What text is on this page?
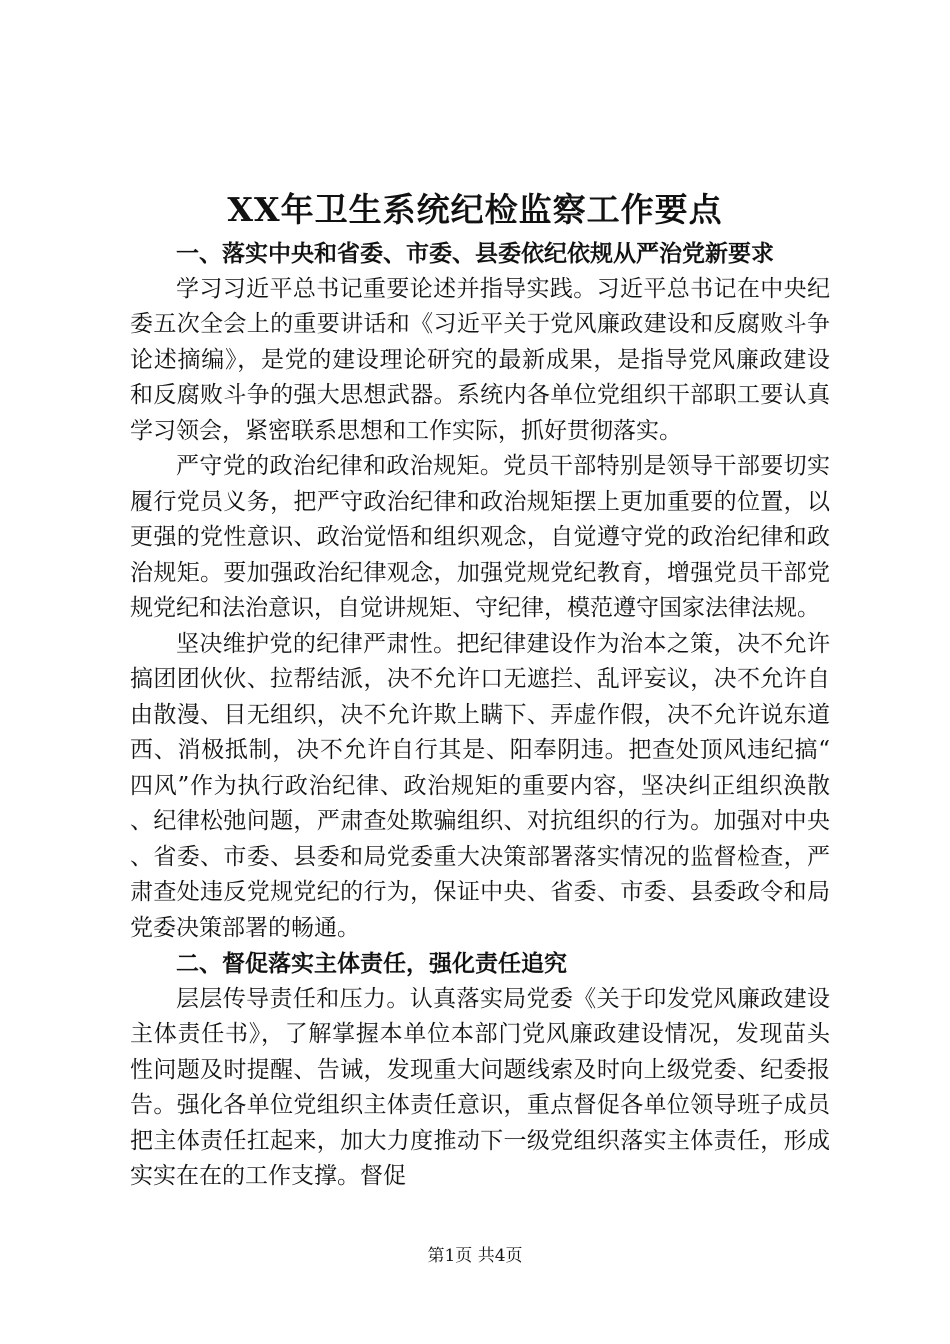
XX年卫生系统纪检监察工作要点

一、落实中央和省委、市委、县委依纪依规从严治党新要求

学习习近平总书记重要论述并指导实践。习近平总书记在中央纪委五次全会上的重要讲话和《习近平关于党风廉政建设和反腐败斗争论述摘编》，是党的建设理论研究的最新成果，是指导党风廉政建设和反腐败斗争的强大思想武器。系统内各单位党组织干部职工要认真学习领会，紧密联系思想和工作实际，抓好贯彻落实。

严守党的政治纪律和政治规矩。党员干部特别是领导干部要切实履行党员义务，把严守政治纪律和政治规矩摆上更加重要的位置，以更强的党性意识、政治觉悟和组织观念，自觉遵守党的政治纪律和政治规矩。要加强政治纪律观念，加强党规党纪教育，增强党员干部党规党纪和法治意识，自觉讲规矩、守纪律，模范遵守国家法律法规。

坚决维护党的纪律严肃性。把纪律建设作为治本之策，决不允许搞团团伙伙、拉帮结派，决不允许口无遮拦、乱评妄议，决不允许自由散漫、目无组织，决不允许欺上瞒下、弄虚作假，决不允许说东道西、消极抵制，决不允许自行其是、阳奉阴违。把查处顶风违纪搞“四风”作为执行政治纪律、政治规矩的重要内容，坚决纠正组织涣散、纪律松弛问题，严肃查处欺骗组织、对抗组织的行为。加强对中央、省委、市委、县委和局党委重大决策部署落实情况的监督检查，严肃查处违反党规党纪的行为，保证中央、省委、市委、县委政令和局党委决策部署的畅通。

二、督促落实主体责任，强化责任追究

层层传导责任和压力。认真落实局党委《关于印发党风廉政建设主体责任书》，了解掌握本单位本部门党风廉政建设情况，发现苗头性问题及时提醒、告诫，发现重大问题线索及时向上级党委、纪委报告。强化各单位党组织主体责任意识，重点督促各单位领导班子成员把主体责任扛起来，加大力度推动下一级党组织落实主体责任，形成实实在在的工作支撑。督促

第1页 共4页
